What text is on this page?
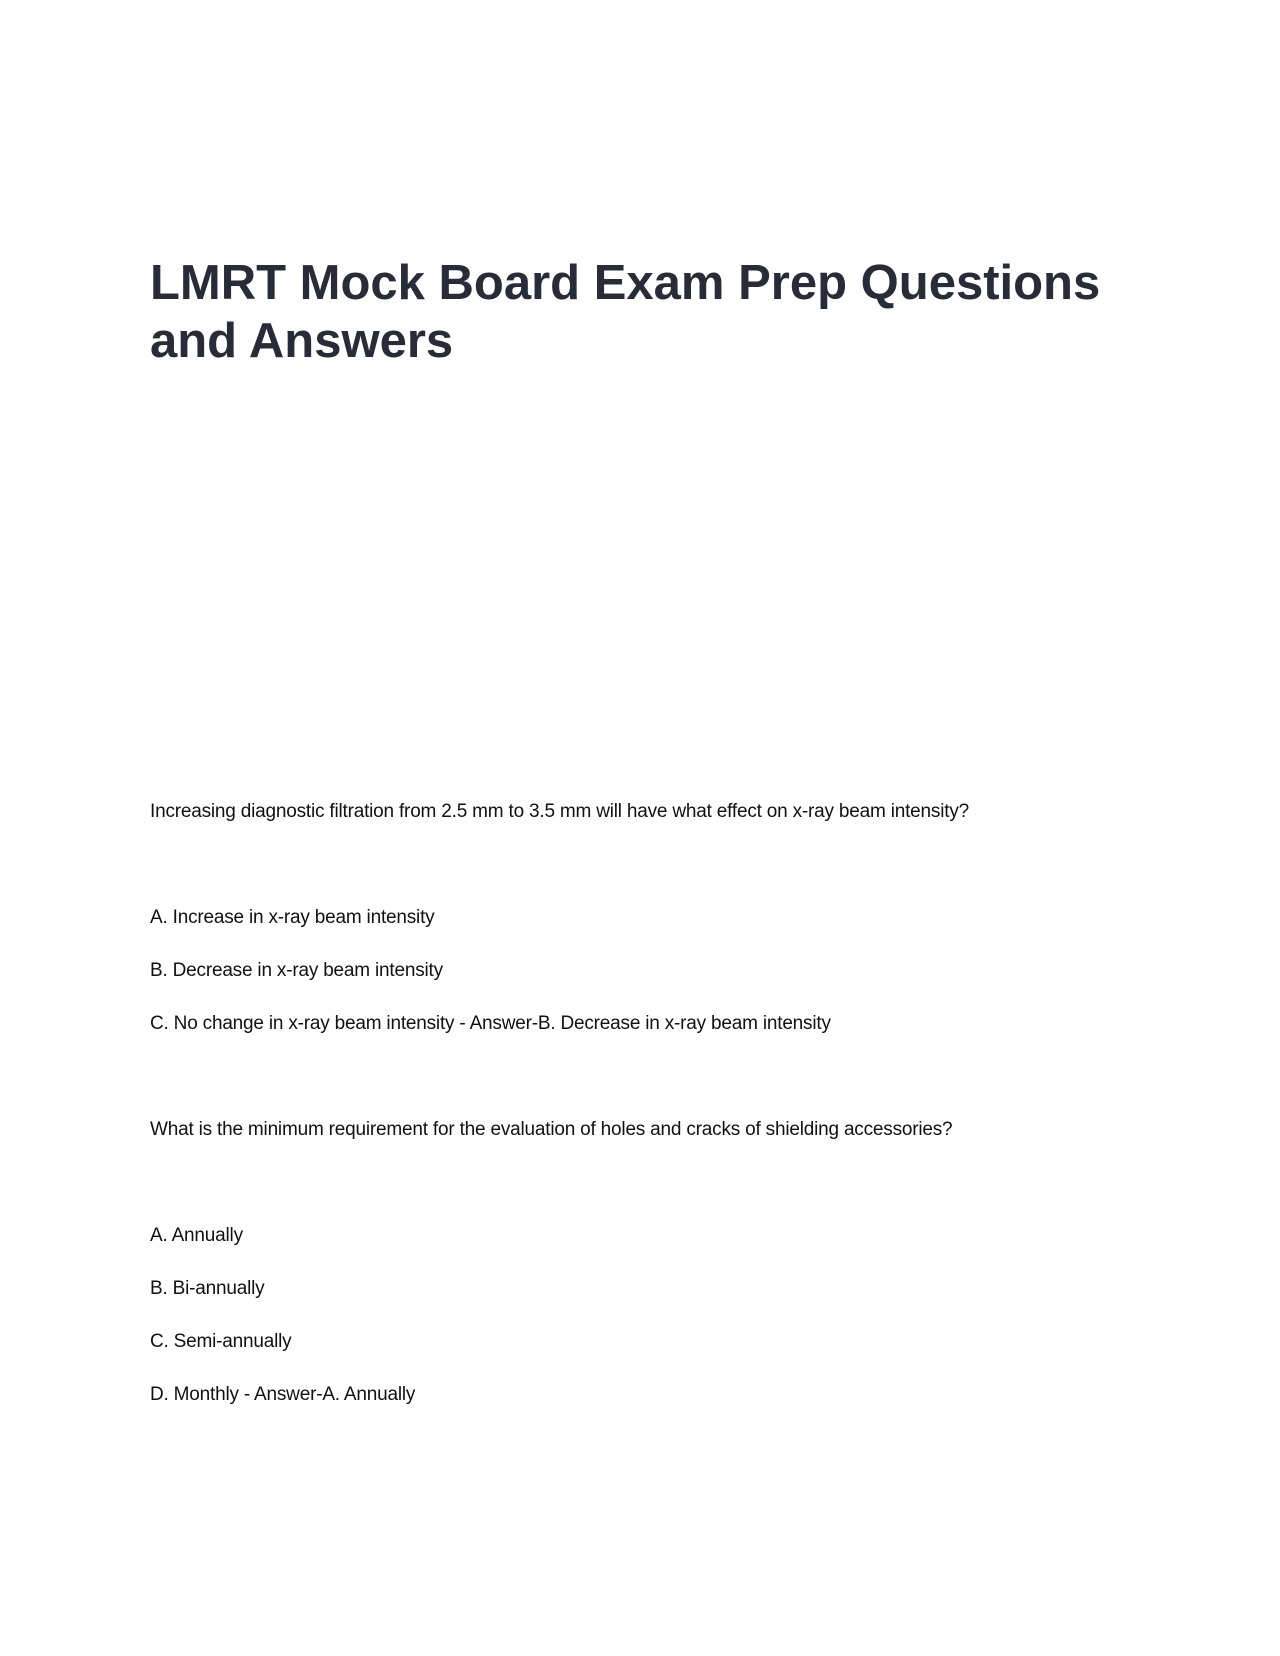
LMRT Mock Board Exam Prep Questions and Answers
Increasing diagnostic filtration from 2.5 mm to 3.5 mm will have what effect on x-ray beam intensity?
A. Increase in x-ray beam intensity
B. Decrease in x-ray beam intensity
C. No change in x-ray beam intensity - Answer-B. Decrease in x-ray beam intensity
What is the minimum requirement for the evaluation of holes and cracks of shielding accessories?
A. Annually
B. Bi-annually
C. Semi-annually
D. Monthly - Answer-A. Annually
